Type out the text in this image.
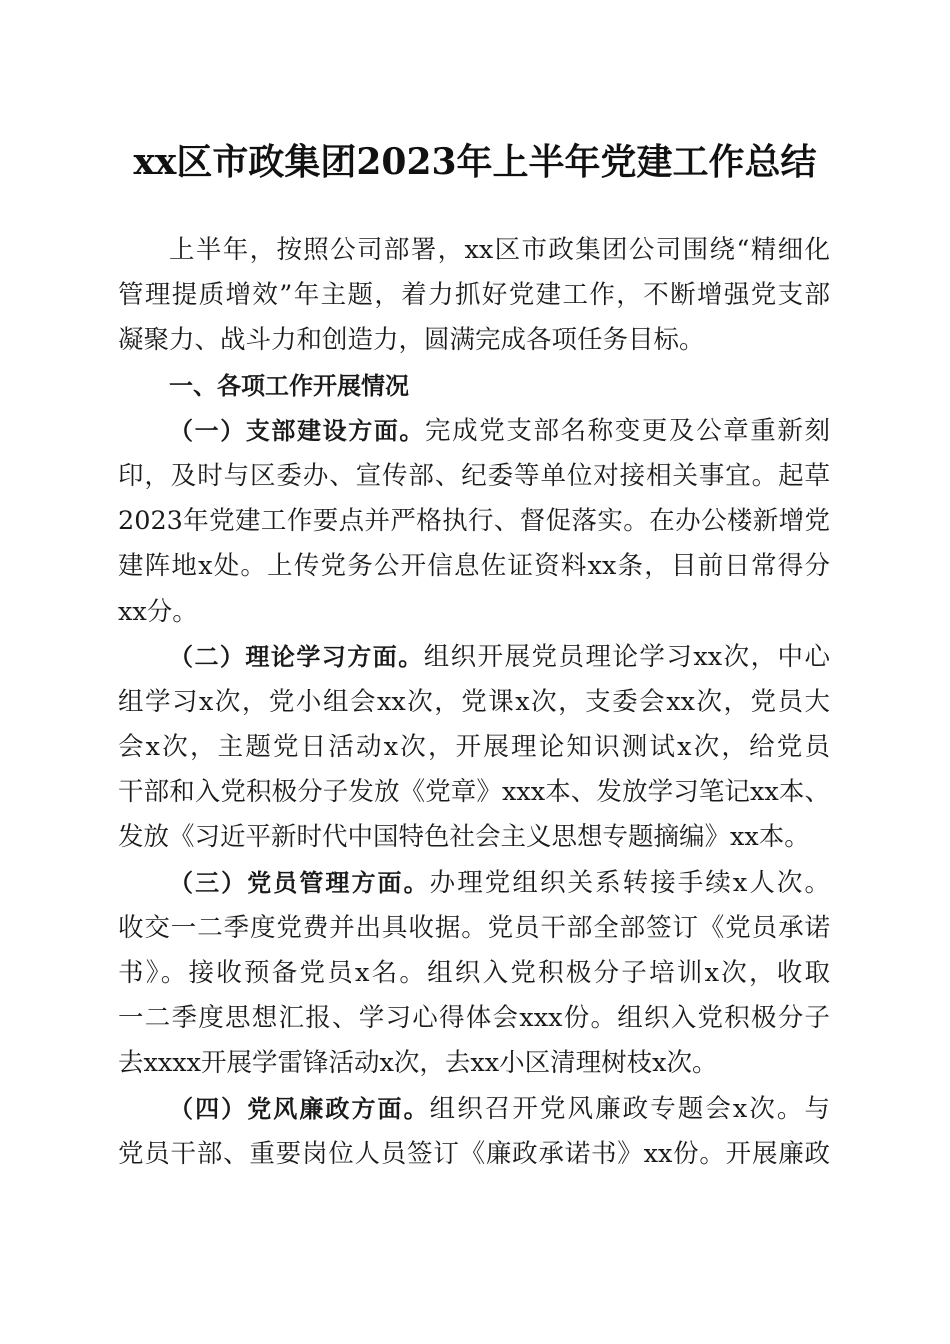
xx区市政集团2023年上半年党建工作总结
上半年，按照公司部署，xx区市政集团公司围绕“精细化
管理提质增效”年主题，着力抓好党建工作，不断增强党支部
凝聚力、战斗力和创造力，圆满完成各项任务目标。
一、各项工作开展情况
（一）支部建设方面。完成党支部名称变更及公章重新刻
印，及时与区委办、宣传部、纪委等单位对接相关事宜。起草
2023年党建工作要点并严格执行、督促落实。在办公楼新增党
建阵地x处。上传党务公开信息佐证资料xx条，目前日常得分
xx分。
（二）理论学习方面。组织开展党员理论学习xx次，中心
组学习x次，党小组会xx次，党课x次，支委会xx次，党员大
会x次，主题党日活动x次，开展理论知识测试x次，给党员
干部和入党积极分子发放《党章》xxx本、发放学习笔记xx本、
发放《习近平新时代中国特色社会主义思想专题摘编》xx本。
（三）党员管理方面。办理党组织关系转接手续x人次。
收交一二季度党费并出具收据。党员干部全部签订《党员承诺
书》。接收预备党员x名。组织入党积极分子培训x次，收取
一二季度思想汇报、学习心得体会xxx份。组织入党积极分子
去xxxx开展学雷锋活动x次，去xx小区清理树枝x次。
（四）党风廉政方面。组织召开党风廉政专题会x次。与
党员干部、重要岗位人员签订《廉政承诺书》xx份。开展廉政
